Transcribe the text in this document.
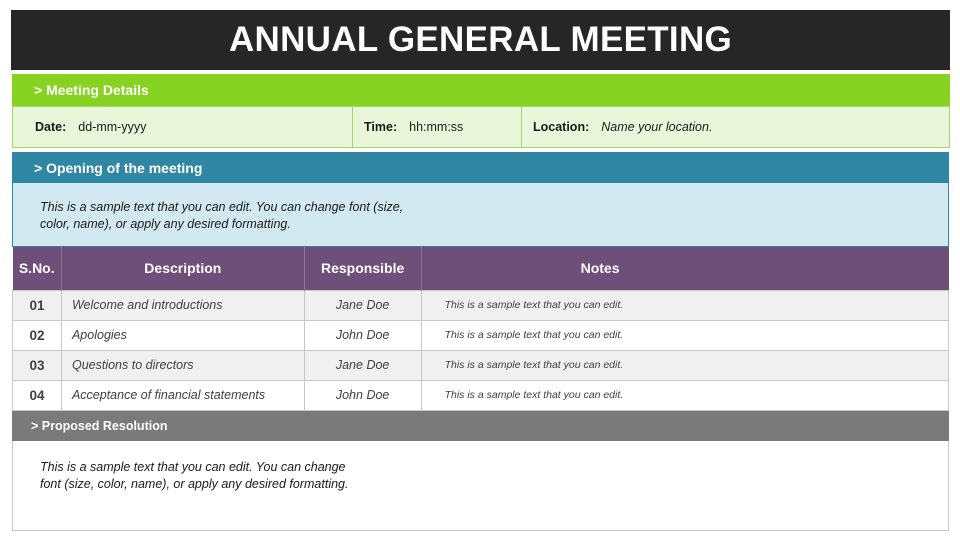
ANNUAL GENERAL MEETING
> Meeting Details
Date: dd-mm-yyyy	Time: hh:mm:ss	Location: Name your location.
> Opening of the meeting

This is a sample text that you can edit. You can change font (size, color, name), or apply any desired formatting.

S.No.	Description	Responsible	Notes
01	Welcome and introductions	Jane Doe	This is a sample text that you can edit.
02	Apologies	John Doe	This is a sample text that you can edit.
03	Questions to directors	Jane Doe	This is a sample text that you can edit.
04	Acceptance of financial statements	John Doe	This is a sample text that you can edit.
> Proposed Resolution

This is a sample text that you can edit. You can change font (size, color, name), or apply any desired formatting.
